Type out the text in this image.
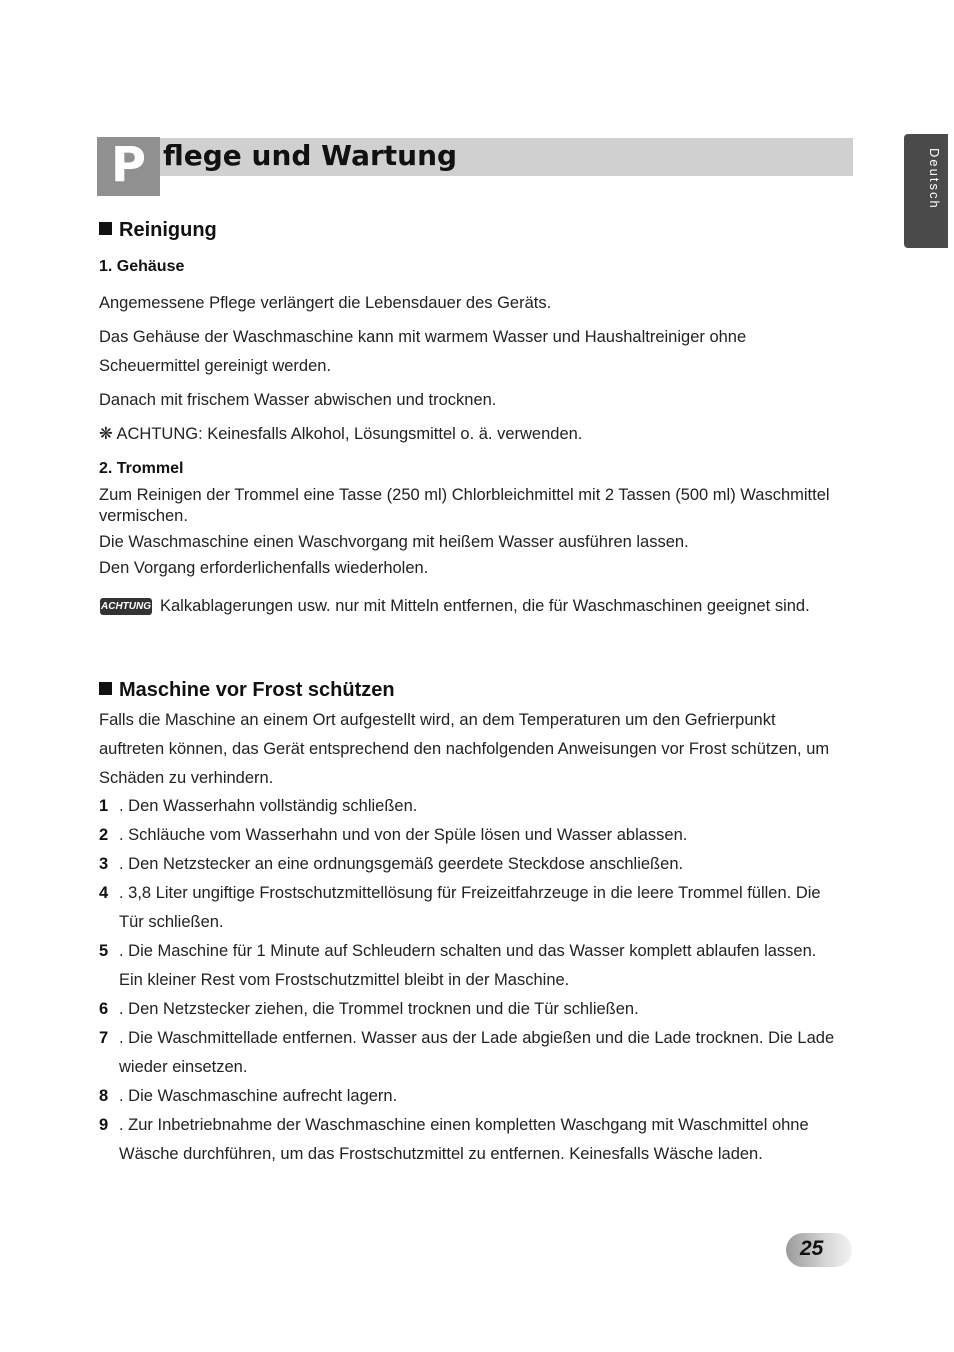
P flege und Wartung	Deutsch
Reinigung
1. Gehäuse
Angemessene Pflege verlängert die Lebensdauer des Geräts.
Das Gehäuse der Waschmaschine kann mit warmem Wasser und Haushaltreiniger ohne Scheuermittel gereinigt werden.
Danach mit frischem Wasser abwischen und trocknen.
❋ ACHTUNG: Keinesfalls Alkohol, Lösungsmittel o. ä. verwenden.
2. Trommel
Zum Reinigen der Trommel eine Tasse (250 ml) Chlorbleichmittel mit 2 Tassen (500 ml) Waschmittel vermischen.
Die Waschmaschine einen Waschvorgang mit heißem Wasser ausführen lassen.
Den Vorgang erforderlichenfalls wiederholen.
ACHTUNG Kalkablagerungen usw. nur mit Mitteln entfernen, die für Waschmaschinen geeignet sind.
Maschine vor Frost schützen
Falls die Maschine an einem Ort aufgestellt wird, an dem Temperaturen um den Gefrierpunkt auftreten können, das Gerät entsprechend den nachfolgenden Anweisungen vor Frost schützen, um Schäden zu verhindern.
1 . Den Wasserhahn vollständig schließen.
2 . Schläuche vom Wasserhahn und von der Spüle lösen und Wasser ablassen.
3 . Den Netzstecker an eine ordnungsgemäß geerdete Steckdose anschließen.
4 . 3,8 Liter ungiftige Frostschutzmittellösung für Freizeitfahrzeuge in die leere Trommel füllen. Die Tür schließen.
5 . Die Maschine für 1 Minute auf Schleudern schalten und das Wasser komplett ablaufen lassen. Ein kleiner Rest vom Frostschutzmittel bleibt in der Maschine.
6 . Den Netzstecker ziehen, die Trommel trocknen und die Tür schließen.
7 . Die Waschmittellade entfernen. Wasser aus der Lade abgießen und die Lade trocknen. Die Lade wieder einsetzen.
8 . Die Waschmaschine aufrecht lagern.
9 . Zur Inbetriebnahme der Waschmaschine einen kompletten Waschgang mit Waschmittel ohne Wäsche durchführen, um das Frostschutzmittel zu entfernen. Keinesfalls Wäsche laden.
25
